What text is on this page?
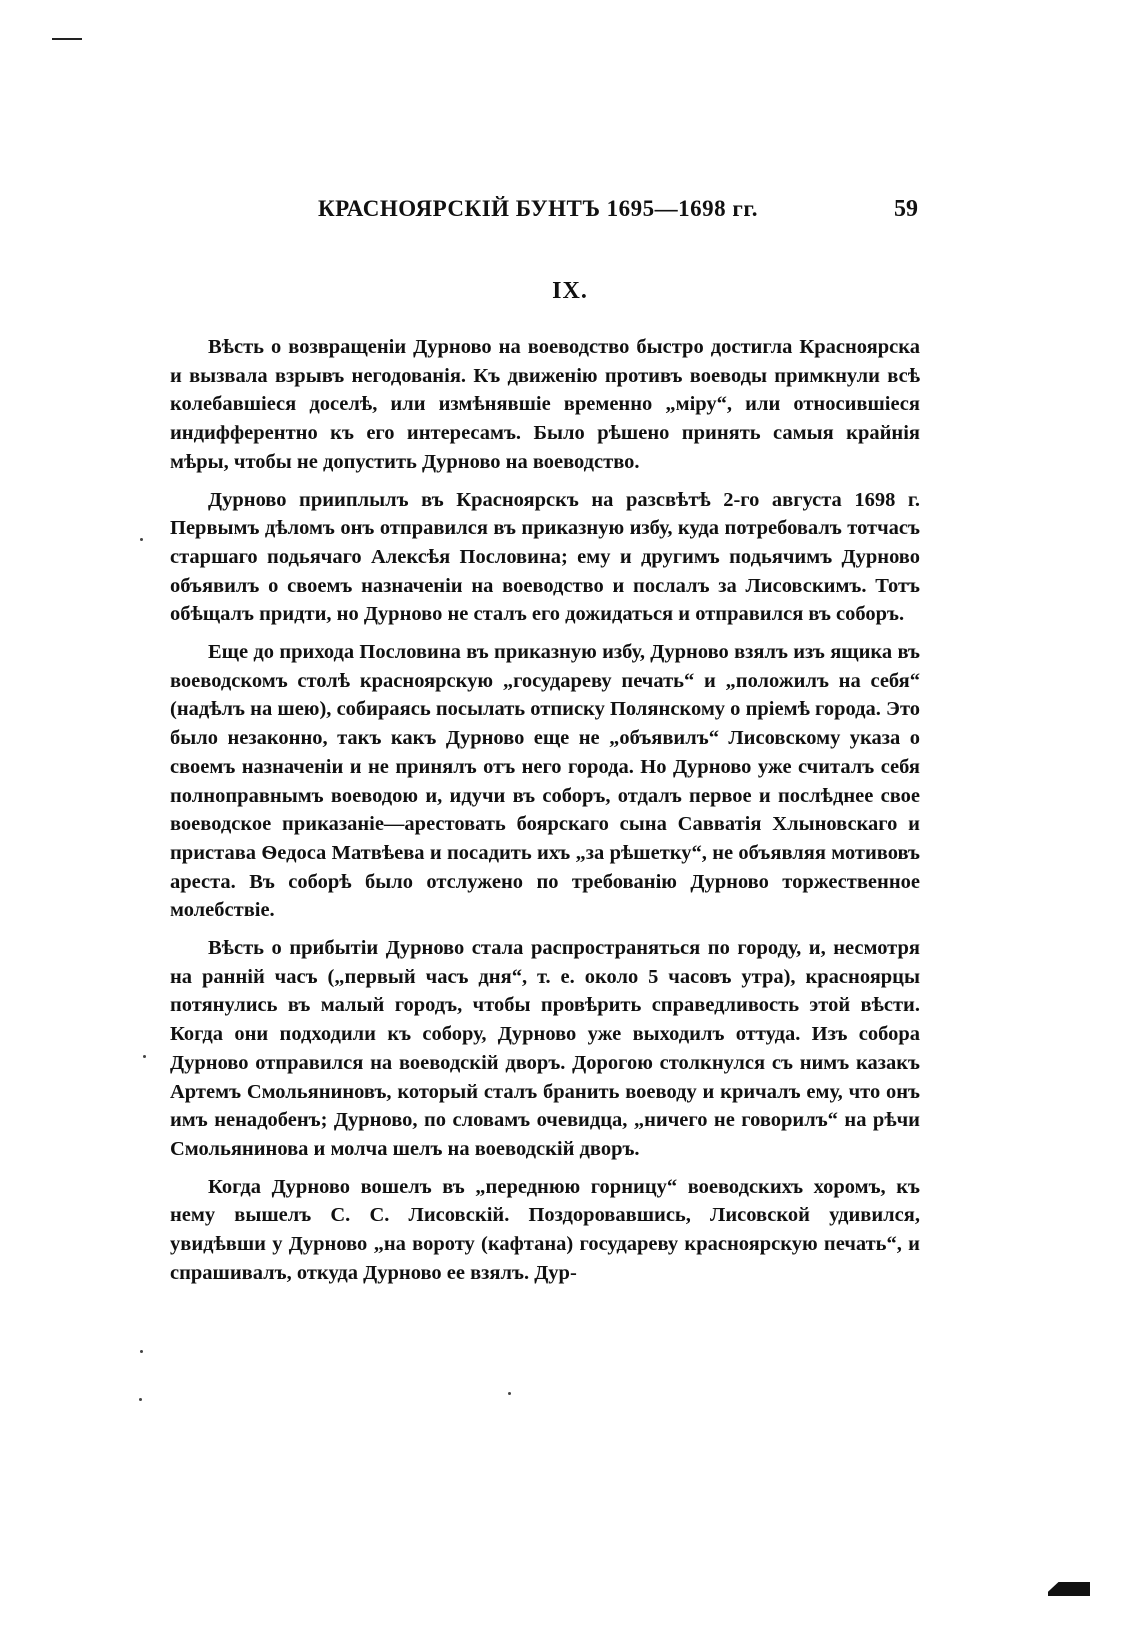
КРАСНОЯРСКІЙ БУНТЪ 1695—1698 гг.	59
IX.

Вѣсть о возвращеніи Дурново на воеводство быстро достигла Красноярска и вызвала взрывъ негодованія. Къ движенію противъ воеводы примкнули всѣ колебавшіеся доселѣ, или измѣнявшіе временно „міру“, или относившіеся индифферентно къ его интересамъ. Было рѣшено принять самыя крайнія мѣры, чтобы не допустить Дурново на воеводство.

Дурново прииплылъ въ Красноярскъ на разсвѣтѣ 2-го августа 1698 г. Первымъ дѣломъ онъ отправился въ приказную избу, куда потребовалъ тотчасъ старшаго подьячаго Алексѣя Пословина; ему и другимъ подьячимъ Дурново объявилъ о своемъ назначеніи на воеводство и послалъ за Лисовскимъ. Тотъ обѣщалъ придти, но Дурново не сталъ его дожидаться и отправился въ соборъ.

Еще до прихода Пословина въ приказную избу, Дурново взялъ изъ ящика въ воеводскомъ столѣ красноярскую „государеву печать“ и „положилъ на себя“ (надѣлъ на шею), собираясь посылать отписку Полянскому о пріемѣ города. Это было незаконно, такъ какъ Дурново еще не „объявилъ“ Лисовскому указа о своемъ назначеніи и не принялъ отъ него города. Но Дурново уже считалъ себя полноправнымъ воеводою и, идучи въ соборъ, отдалъ первое и послѣднее свое воеводское приказаніе—арестовать боярскаго сына Савватія Хлыновскаго и пристава Ѳедоса Матвѣева и посадить ихъ „за рѣшетку“, не объявляя мотивовъ ареста. Въ соборѣ было отслужено по требованію Дурново торжественное молебствіе.

Вѣсть о прибытіи Дурново стала распространяться по городу, и, несмотря на ранній часъ („первый часъ дня“, т. е. около 5 часовъ утра), красноярцы потянулись въ малый городъ, чтобы провѣрить справедливость этой вѣсти. Когда они подходили къ собору, Дурново уже выходилъ оттуда. Изъ собора Дурново отправился на воеводскій дворъ. Дорогою столкнулся съ нимъ казакъ Артемъ Смольяниновъ, который сталъ бранить воеводу и кричалъ ему, что онъ имъ ненадобенъ; Дурново, по словамъ очевидца, „ничего не говорилъ“ на рѣчи Смольянинова и молча шелъ на воеводскій дворъ.

Когда Дурново вошелъ въ „переднюю горницу“ воеводскихъ хоромъ, къ нему вышелъ С. С. Лисовскій. Поздоровавшись, Лисовской удивился, увидѣвши у Дурново „на вороту (кафтана) государеву красноярскую печать“, и спрашивалъ, откуда Дурново ее взялъ. Дур-
